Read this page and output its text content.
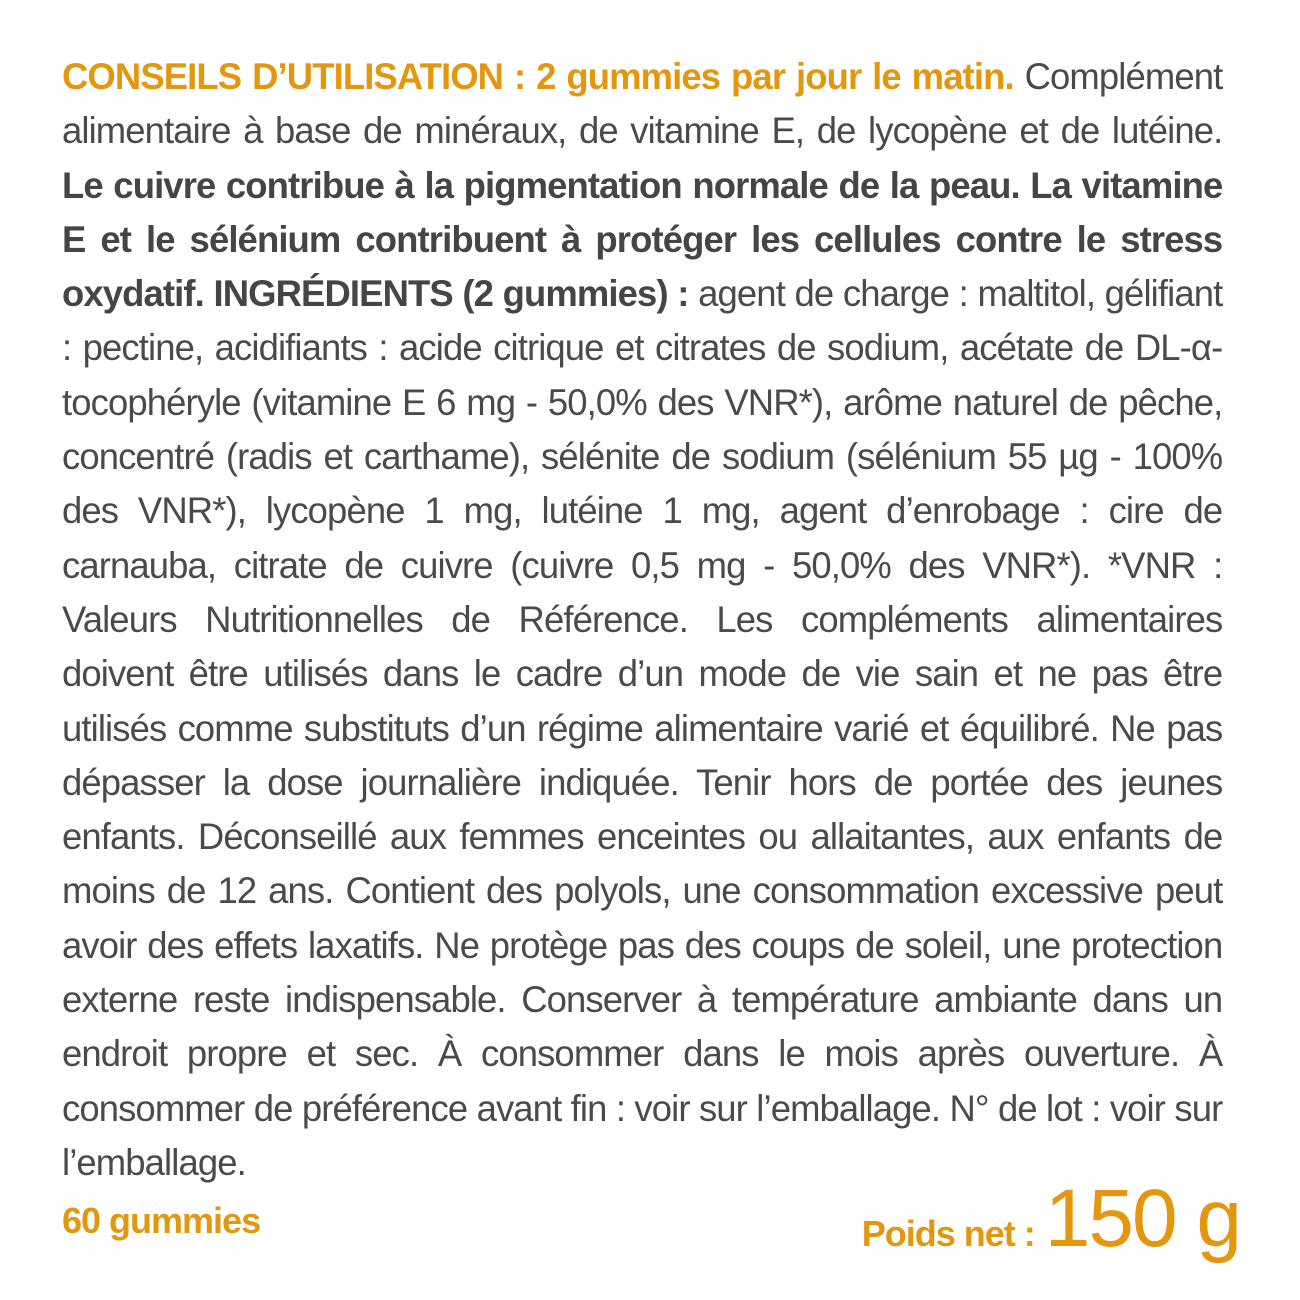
CONSEILS D’UTILISATION : 2 gummies par jour le matin. Complément alimentaire à base de minéraux, de vitamine E, de lycopène et de lutéine. Le cuivre contribue à la pigmentation normale de la peau. La vitamine E et le sélénium contribuent à protéger les cellules contre le stress oxydatif. INGRÉDIENTS (2 gummies) : agent de charge : maltitol, gélifiant : pectine, acidifiants : acide citrique et citrates de sodium, acétate de DL-α-tocophéryle (vitamine E 6 mg - 50,0% des VNR*), arôme naturel de pêche, concentré (radis et carthame), sélénite de sodium (sélénium 55 µg - 100% des VNR*), lycopène 1 mg, lutéine 1 mg, agent d’enrobage : cire de carnauba, citrate de cuivre (cuivre 0,5 mg - 50,0% des VNR*). *VNR : Valeurs Nutritionnelles de Référence. Les compléments alimentaires doivent être utilisés dans le cadre d’un mode de vie sain et ne pas être utilisés comme substituts d’un régime alimentaire varié et équilibré. Ne pas dépasser la dose journalière indiquée. Tenir hors de portée des jeunes enfants. Déconseillé aux femmes enceintes ou allaitantes, aux enfants de moins de 12 ans. Contient des polyols, une consommation excessive peut avoir des effets laxatifs. Ne protège pas des coups de soleil, une protection externe reste indispensable. Conserver à température ambiante dans un endroit propre et sec. À consommer dans le mois après ouverture. À consommer de préférence avant fin : voir sur l’emballage. N° de lot : voir sur l’emballage.
60 gummies	Poids net : 150 g
